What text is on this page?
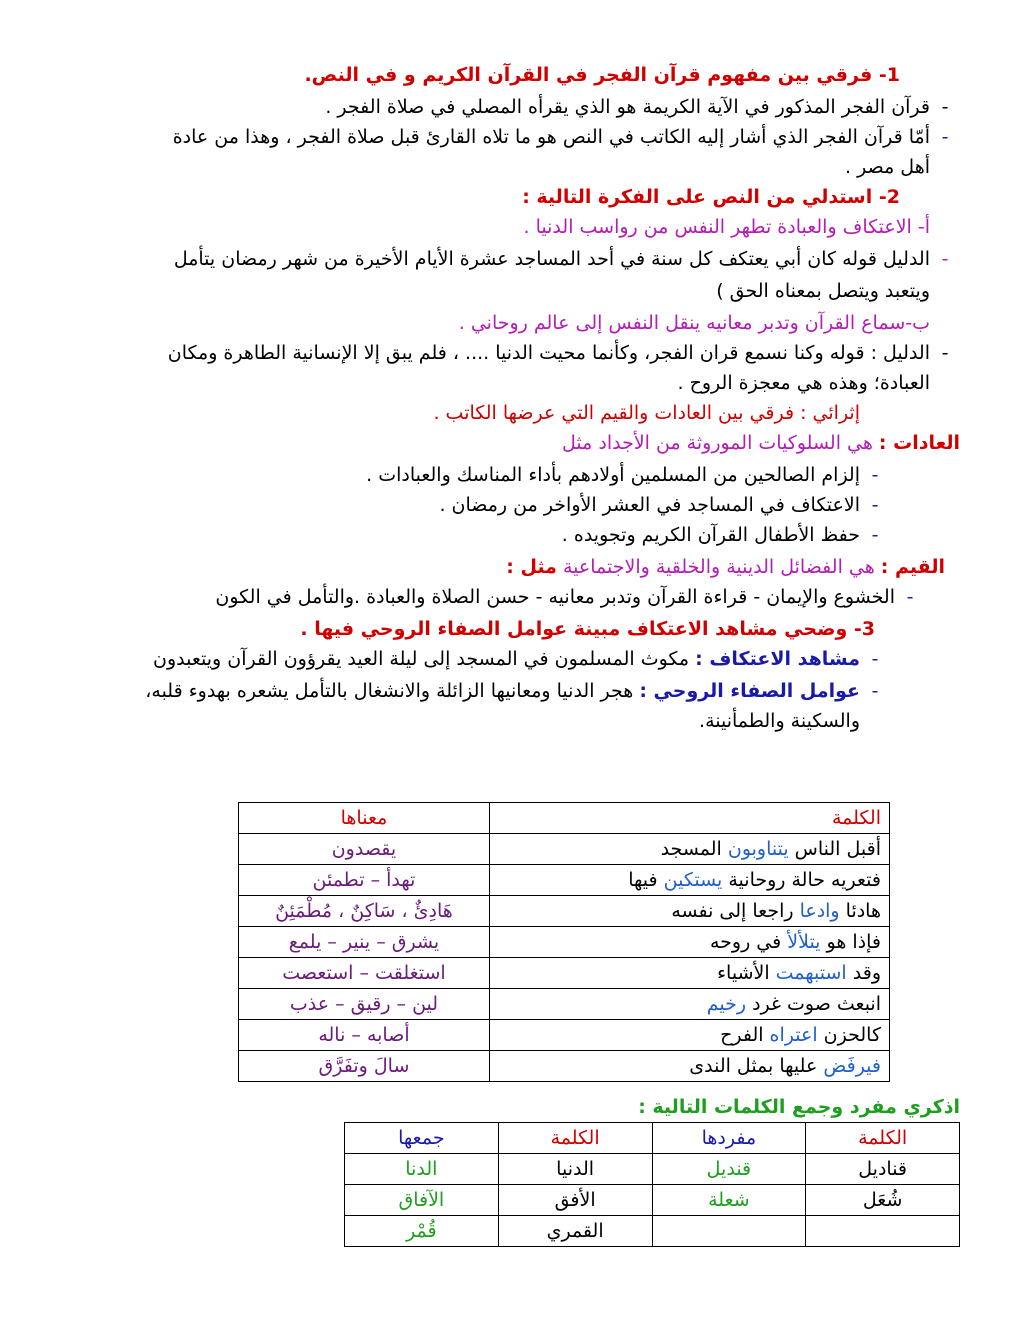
1- فرقي بين مفهوم قرآن الفجر في القرآن الكريم و في النص.
-قرآن الفجر المذكور في الآية الكريمة هو الذي يقرأه المصلي في صلاة الفجر .
-أمّا قرآن الفجر الذي أشار إليه الكاتب في النص هو ما تلاه القارئ قبل صلاة الفجر ، وهذا من عادة
أهل مصر .
2- استدلي من النص على الفكرة التالية :
أ- الاعتكاف والعبادة تطهر النفس من رواسب الدنيا .
-الدليل قوله كان أبي يعتكف كل سنة في أحد المساجد عشرة الأيام الأخيرة من شهر رمضان يتأمل
ويتعبد ويتصل بمعناه الحق )
ب-سماع القرآن وتدبر معانيه ينقل النفس إلى عالم روحاني .
-الدليل : قوله وكنا نسمع قران الفجر، وكأنما محيت الدنيا .... ، فلم يبق إلا الإنسانية الطاهرة ومكان
العبادة؛ وهذه هي معجزة الروح .
إثرائي : فرقي بين العادات والقيم التي عرضها الكاتب .
العادات : هي السلوكيات الموروثة من الأجداد مثل
-إلزام الصالحين من المسلمين أولادهم بأداء المناسك والعبادات .
-الاعتكاف في المساجد في العشر الأواخر من رمضان .
-حفظ الأطفال القرآن الكريم وتجويده .
القيم : هي الفضائل الدينية والخلقية والاجتماعية مثل :
-الخشوع والإيمان - قراءة القرآن وتدبر معانيه - حسن الصلاة والعبادة .والتأمل في الكون
3- وضحي مشاهد الاعتكاف مبينة عوامل الصفاء الروحي فيها .
-مشاهد الاعتكاف : مكوث المسلمون في المسجد إلى ليلة العيد يقرؤون القرآن ويتعبدون
-عوامل الصفاء الروحي : هجر الدنيا ومعانيها الزائلة والانشغال بالتأمل يشعره بهدوء قلبه،
والسكينة والطمأنينة.
الكلمة	معناها
أقبل الناس يتناوبون المسجد	يقصدون
فتعريه حالة روحانية يستكين فيها	تهدأ – تطمئن
هادئا وادعا راجعا إلى نفسه	هَادِئٌ ، سَاكِنٌ ، مُطْمَئِنٌ
فإذا هو يتلألأ في روحه	يشرق – ينير – يلمع
وقد استبهمت الأشياء	استغلقت – استعصت
انبعث صوت غرد رخيم	لين – رقيق – عذب
كالحزن اعتراه الفرح	أصابه – ناله
فيرفَض عليها بمثل الندى	سالَ وتفَرَّق
اذكري مفرد وجمع الكلمات التالية :
الكلمة	مفردها	الكلمة	جمعها
قناديل	قنديل	الدنيا	الدنا
شُعَل	شعلة	الأفق	الآفاق
		القمري	قُمْر
